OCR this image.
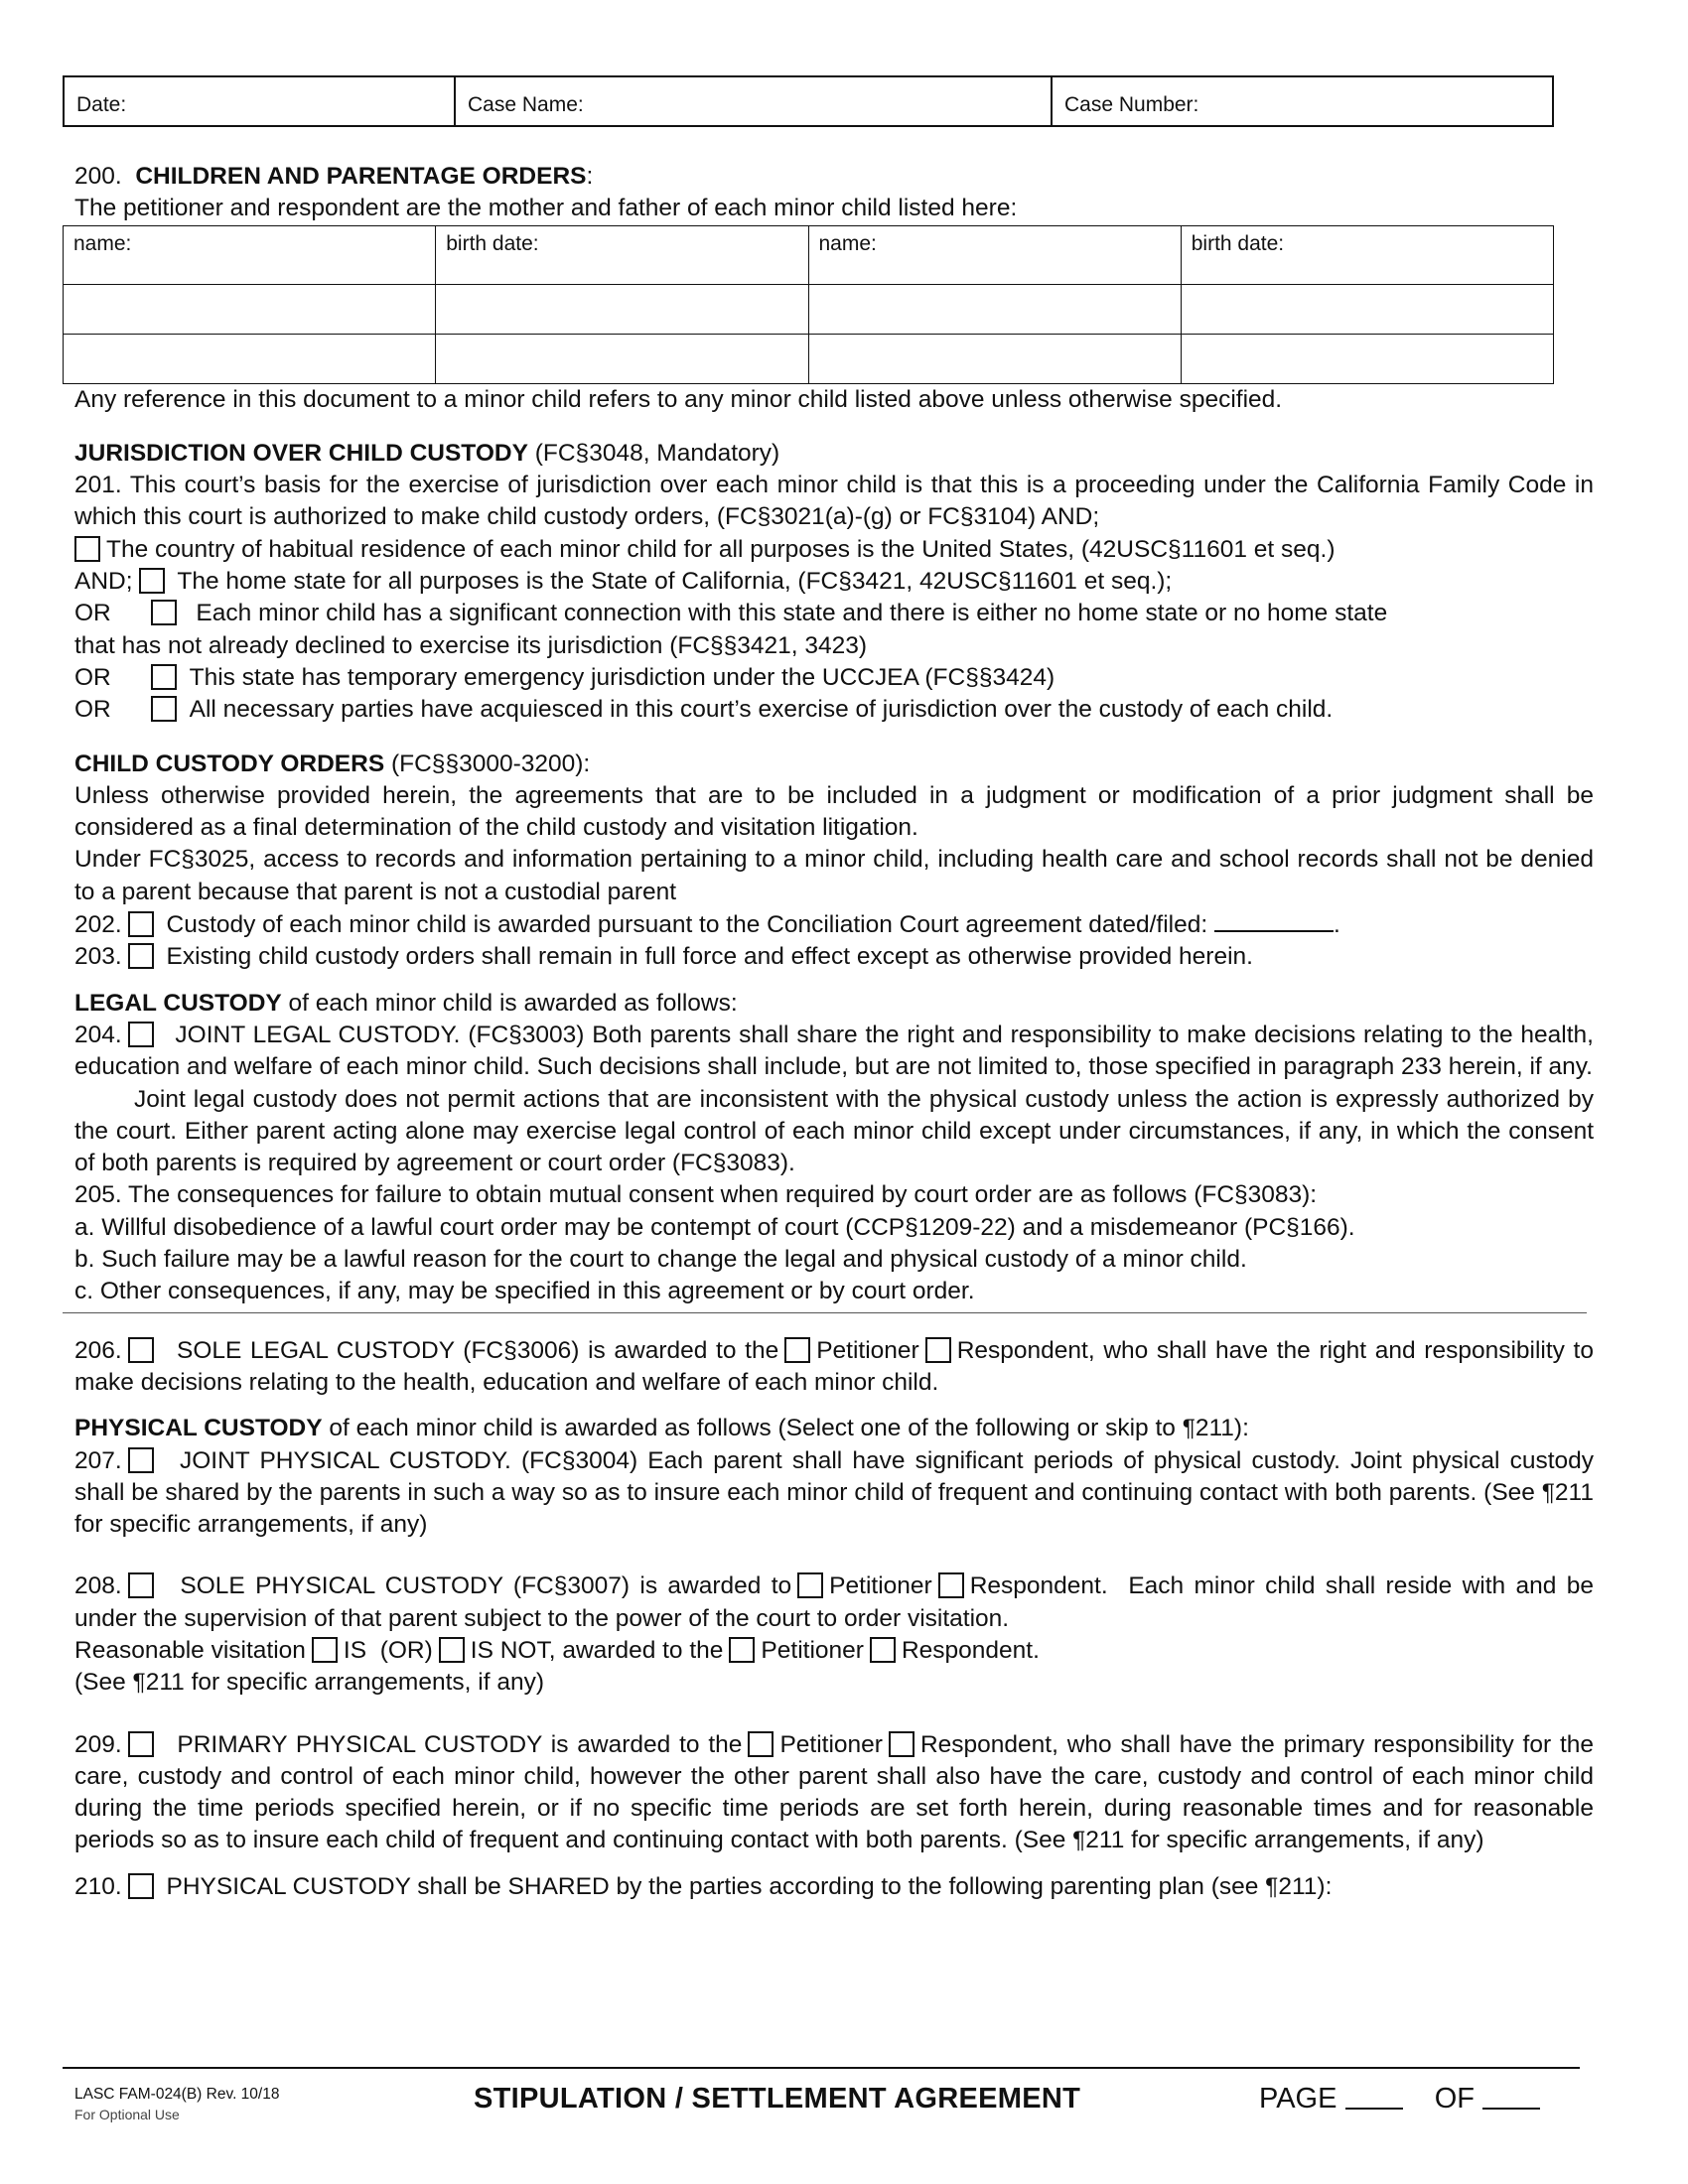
Date:	Case Name:	Case Number:

200. CHILDREN AND PARENTAGE ORDERS:

The petitioner and respondent are the mother and father of each minor child listed here:

name:	birth date:	name:	birth date:

Any reference in this document to a minor child refers to any minor child listed above unless otherwise specified.

JURISDICTION OVER CHILD CUSTODY (FC§3048, Mandatory)

201. This court’s basis for the exercise of jurisdiction over each minor child is that this is a proceeding under the California Family Code in which this court is authorized to make child custody orders, (FC§3021(a)-(g) or FC§3104) AND;

The country of habitual residence of each minor child for all purposes is the United States, (42USC§11601 et seq.)

AND; The home state for all purposes is the State of California, (FC§3421, 42USC§11601 et seq.);

OR	Each minor child has a significant connection with this state and there is either no home state or no home state

that has not already declined to exercise its jurisdiction (FC§§3421, 3423)

OR	This state has temporary emergency jurisdiction under the UCCJEA (FC§§3424)

OR	All necessary parties have acquiesced in this court’s exercise of jurisdiction over the custody of each child.

CHILD CUSTODY ORDERS (FC§§3000-3200):

Unless otherwise provided herein, the agreements that are to be included in a judgment or modification of a prior judgment shall be considered as a final determination of the child custody and visitation litigation.

Under FC§3025, access to records and information pertaining to a minor child, including health care and school records shall not be denied to a parent because that parent is not a custodial parent

202. Custody of each minor child is awarded pursuant to the Conciliation Court agreement dated/filed:	.

203. Existing child custody orders shall remain in full force and effect except as otherwise provided herein.

LEGAL CUSTODY of each minor child is awarded as follows:

204. JOINT LEGAL CUSTODY. (FC§3003) Both parents shall share the right and responsibility to make decisions relating to the health, education and welfare of each minor child. Such decisions shall include, but are not limited to, those specified in paragraph 233 herein, if any.

Joint legal custody does not permit actions that are inconsistent with the physical custody unless the action is expressly authorized by the court. Either parent acting alone may exercise legal control of each minor child except under circumstances, if any, in which the consent of both parents is required by agreement or court order (FC§3083).

205. The consequences for failure to obtain mutual consent when required by court order are as follows (FC§3083):

a. Willful disobedience of a lawful court order may be contempt of court (CCP§1209-22) and a misdemeanor (PC§166).

b. Such failure may be a lawful reason for the court to change the legal and physical custody of a minor child.

c. Other consequences, if any, may be specified in this agreement or by court order.

206. SOLE LEGAL CUSTODY (FC§3006) is awarded to the Petitioner Respondent, who shall have the right and responsibility to make decisions relating to the health, education and welfare of each minor child.

PHYSICAL CUSTODY of each minor child is awarded as follows (Select one of the following or skip to ¶211):

207. JOINT PHYSICAL CUSTODY. (FC§3004) Each parent shall have significant periods of physical custody. Joint physical custody shall be shared by the parents in such a way so as to insure each minor child of frequent and continuing contact with both parents. (See ¶211 for specific arrangements, if any)

208. SOLE PHYSICAL CUSTODY (FC§3007) is awarded to Petitioner Respondent. Each minor child shall reside with and be under the supervision of that parent subject to the power of the court to order visitation.

Reasonable visitation IS (OR) IS NOT, awarded to the Petitioner Respondent.

(See ¶211 for specific arrangements, if any)

209. PRIMARY PHYSICAL CUSTODY is awarded to the Petitioner Respondent, who shall have the primary responsibility for the care, custody and control of each minor child, however the other parent shall also have the care, custody and control of each minor child during the time periods specified herein, or if no specific time periods are set forth herein, during reasonable times and for reasonable periods so as to insure each child of frequent and continuing contact with both parents. (See ¶211 for specific arrangements, if any)

210. PHYSICAL CUSTODY shall be SHARED by the parties according to the following parenting plan (see ¶211):

LASC FAM-024(B) Rev. 10/18
For Optional Use	STIPULATION / SETTLEMENT AGREEMENT	PAGE	OF
